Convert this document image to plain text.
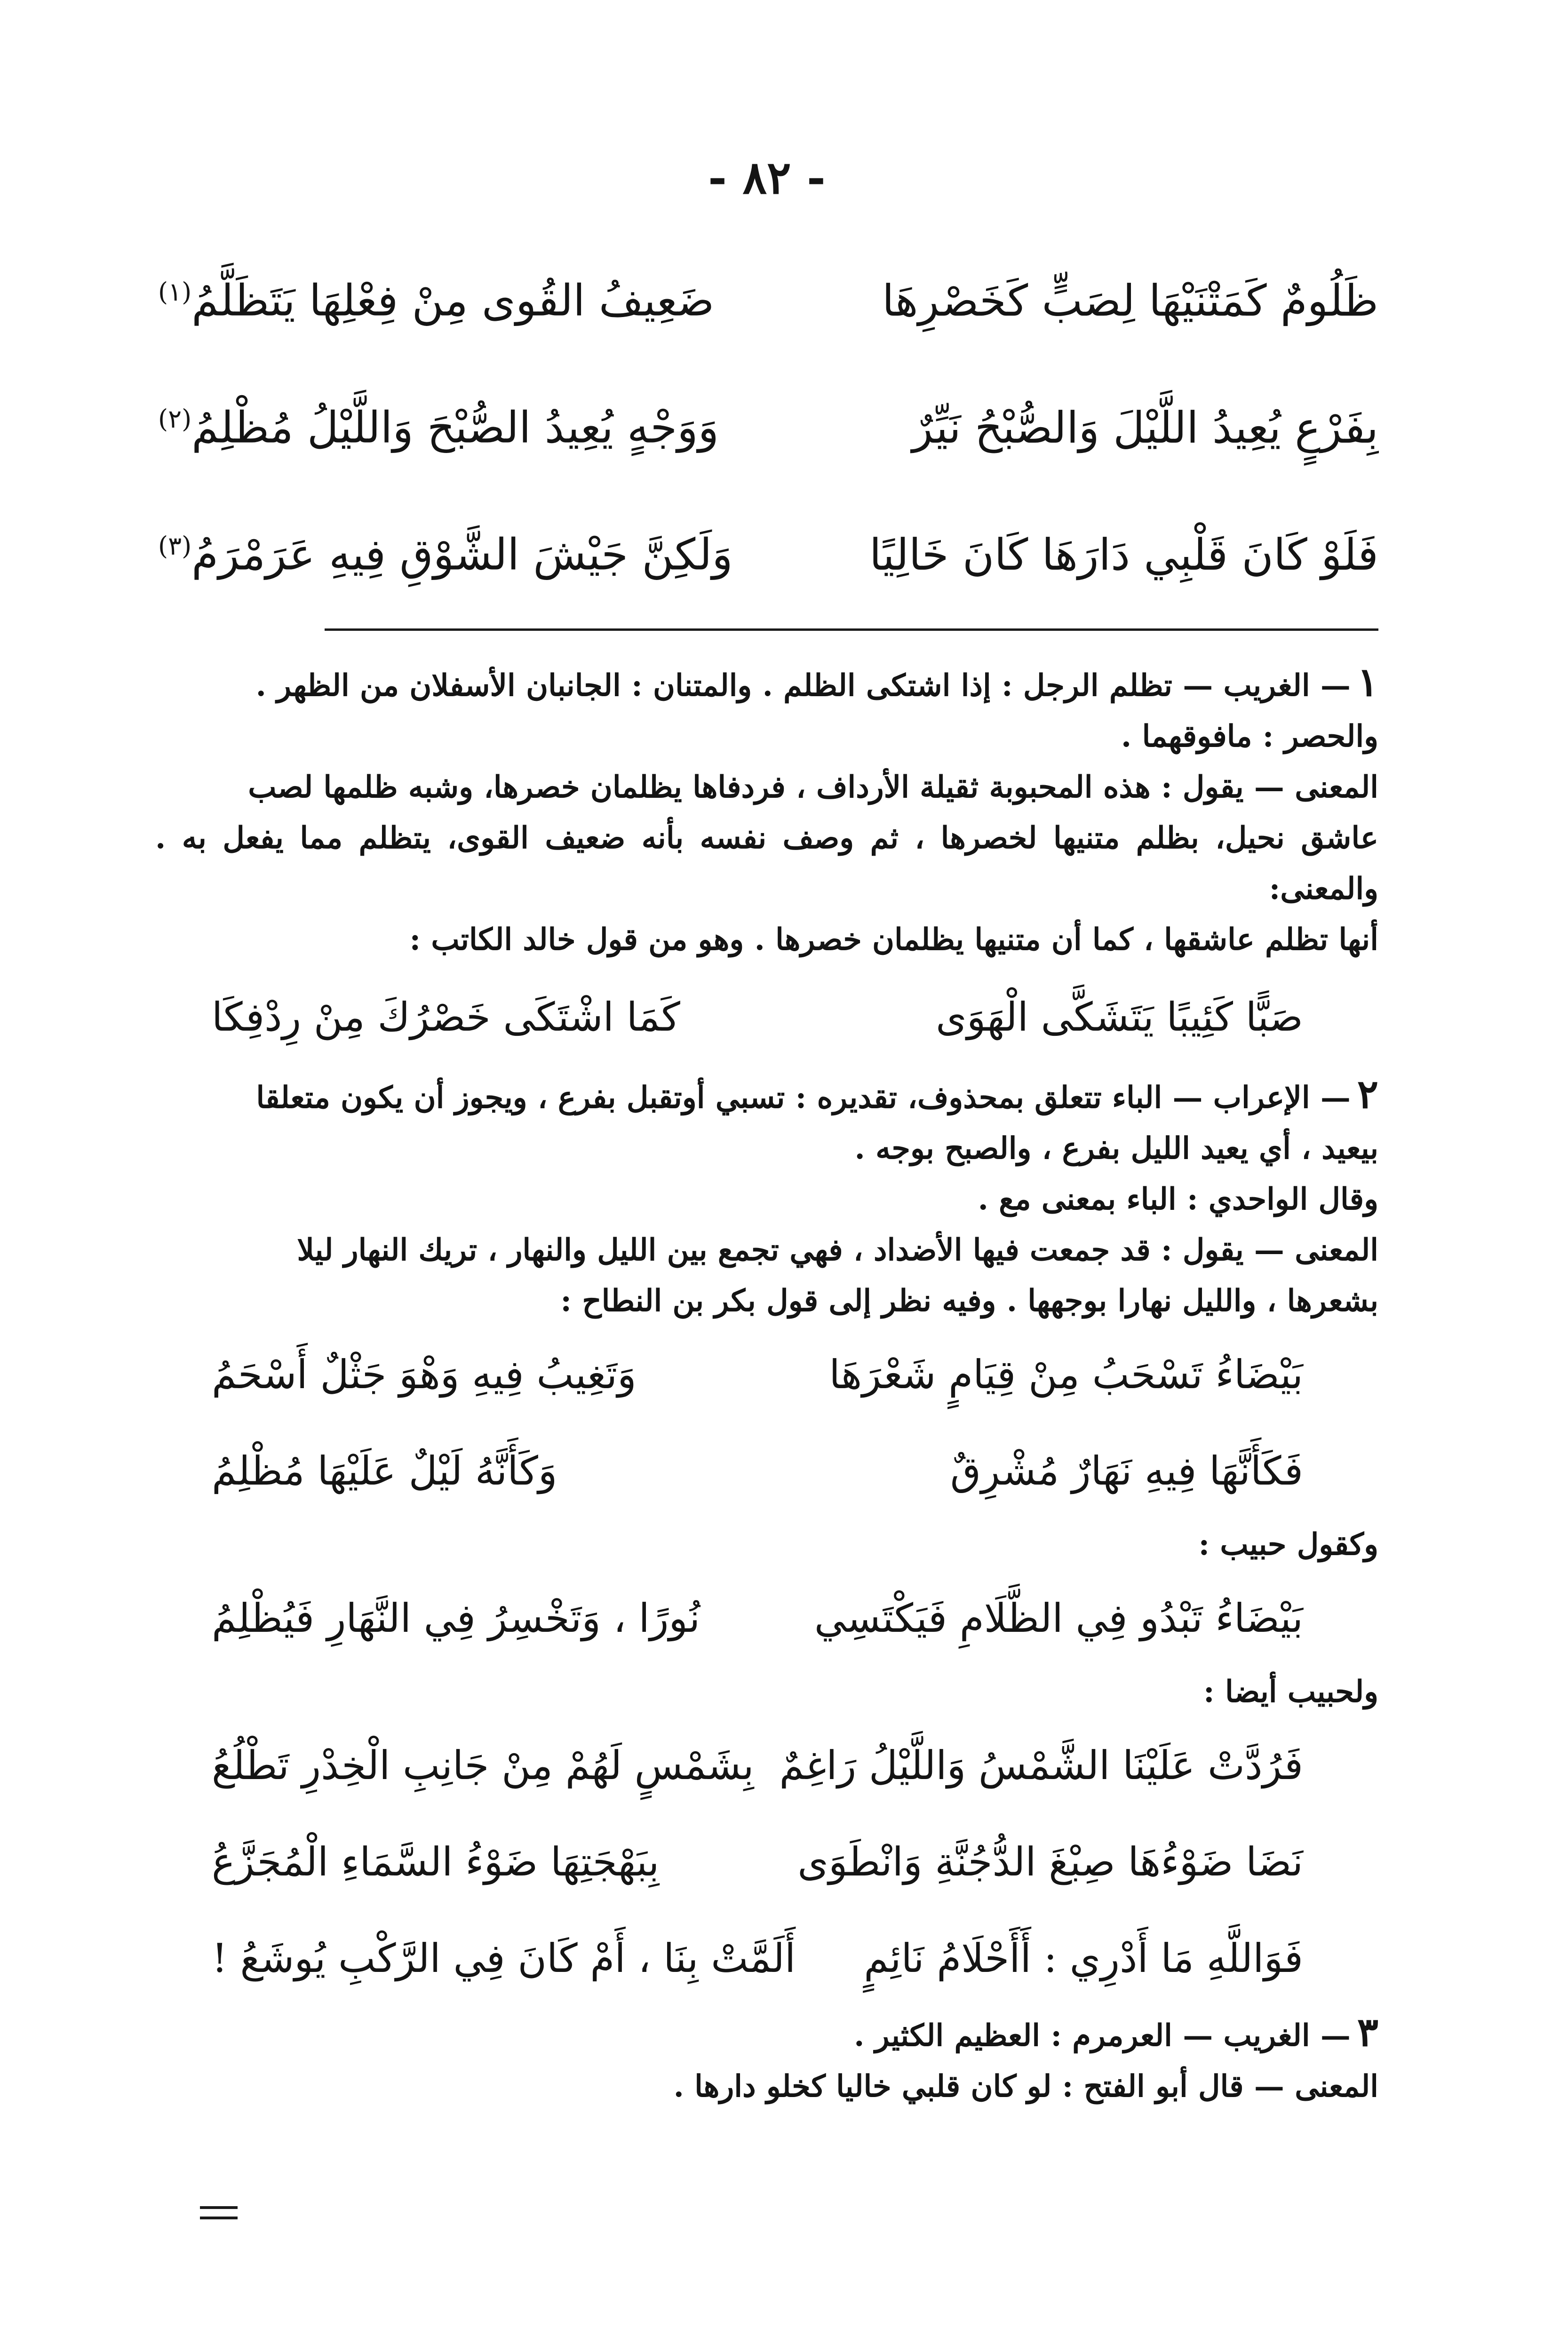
- ٨٢ -
ظَلُومٌ كَمَتْنَيْهَا لِصَبٍّ كَخَصْرِهَا
ضَعِيفُ القُوى مِنْ فِعْلِهَا يَتَظَلَّمُ$^{(١)}$
بِفَرْعٍ يُعِيدُ اللَّيْلَ وَالصُّبْحُ نَيِّرٌ
وَوَجْهٍ يُعِيدُ الصُّبْحَ وَاللَّيْلُ مُظْلِمُ$^{(٢)}$
فَلَوْ كَانَ قَلْبِي دَارَهَا كَانَ خَالِيًا
وَلَكِنَّ جَيْشَ الشَّوْقِ فِيهِ عَرَمْرَمُ$^{(٣)}$

١— الغريب — تظلم الرجل : إذا اشتكى الظلم . والمتنان : الجانبان الأسفلان من الظهر .

والحصر : مافوقهما .

المعنى — يقول : هذه المحبوبة ثقيلة الأرداف ، فردفاها يظلمان خصرها، وشبه ظلمها لصب

عاشق نحيل، بظلم متنيها لخصرها ، ثم وصف نفسه بأنه ضعيف القوى، يتظلم مما يفعل به . والمعنى:

أنها تظلم عاشقها ، كما أن متنيها يظلمان خصرها . وهو من قول خالد الكاتب :

صَبًّا كَئِيبًا يَتَشَكَّى الْهَوَى
كَمَا اشْتَكَى خَصْرُكَ مِنْ رِدْفِكَا

٢— الإعراب — الباء تتعلق بمحذوف، تقديره : تسبي أوتقبل بفرع ، ويجوز أن يكون متعلقا

بيعيد ، أي يعيد الليل بفرع ، والصبح بوجه .

وقال الواحدي : الباء بمعنى مع .

المعنى — يقول : قد جمعت فيها الأضداد ، فهي تجمع بين الليل والنهار ، تريك النهار ليلا

بشعرها ، والليل نهارا بوجهها . وفيه نظر إلى قول بكر بن النطاح :

بَيْضَاءُ تَسْحَبُ مِنْ قِيَامٍ شَعْرَهَا
وَتَغِيبُ فِيهِ وَهْوَ جَثْلٌ أَسْحَمُ
فَكَأَنَّهَا فِيهِ نَهَارٌ مُشْرِقٌ
وَكَأَنَّهُ لَيْلٌ عَلَيْهَا مُظْلِمُ

وكقول حبيب :

بَيْضَاءُ تَبْدُو فِي الظَّلَامِ فَيَكْتَسِي
نُورًا ، وَتَخْسِرُ فِي النَّهَارِ فَيُظْلِمُ

ولحبيب أيضا :

فَرُدَّتْ عَلَيْنَا الشَّمْسُ وَاللَّيْلُ رَاغِمٌ
بِشَمْسٍ لَهُمْ مِنْ جَانِبِ الْخِدْرِ تَطْلُعُ
نَضَا ضَوْءُهَا صِبْغَ الدُّجُنَّةِ وَانْطَوَى
بِبَهْجَتِهَا ضَوْءُ السَّمَاءِ الْمُجَزَّعُ
فَوَاللَّهِ مَا أَدْرِي : أَأَحْلَامُ نَائِمٍ
أَلَمَّتْ بِنَا ، أَمْ كَانَ فِي الرَّكْبِ يُوشَعُ !

٣— الغريب — العرمرم : العظيم الكثير .

المعنى — قال أبو الفتح : لو كان قلبي خاليا كخلو دارها .
